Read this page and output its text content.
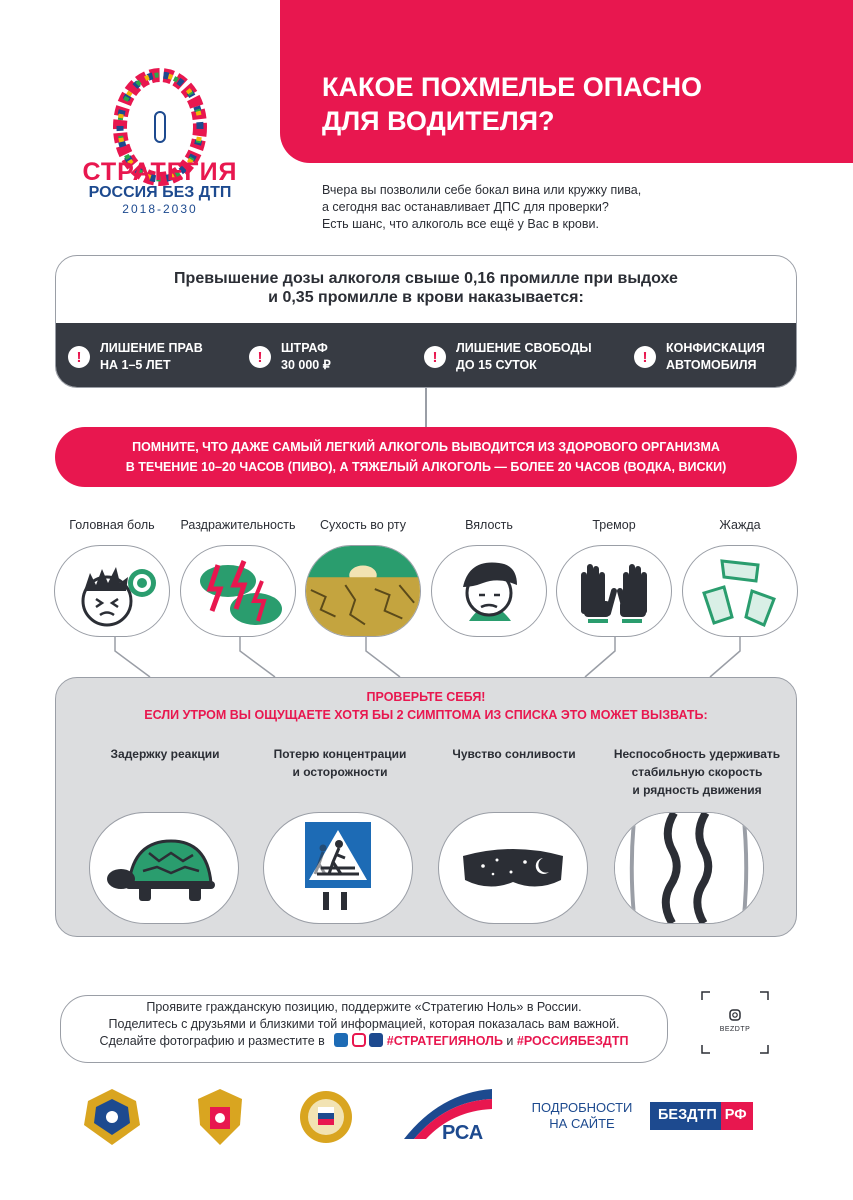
КАКОЕ ПОХМЕЛЬЕ ОПАСНО
ДЛЯ ВОДИТЕЛЯ?
СТРАТЕГИЯ
РОССИЯ БЕЗ ДТП
2018-2030
Вчера вы позволили себе бокал вина или кружку пива,
а сегодня вас останавливает ДПС для проверки?
Есть шанс, что алкоголь все ещё у Вас в крови.
Превышение дозы алкоголя свыше 0,16 промилле при выдохе
и 0,35 промилле в крови наказывается:
!
ЛИШЕНИЕ ПРАВ
НА 1–5 ЛЕТ	!
ШТРАФ
30 000 ₽	!
ЛИШЕНИЕ СВОБОДЫ
ДО 15 СУТОК	!
КОНФИСКАЦИЯ
АВТОМОБИЛЯ
ПОМНИТЕ, ЧТО ДАЖЕ САМЫЙ ЛЕГКИЙ АЛКОГОЛЬ ВЫВОДИТСЯ ИЗ ЗДОРОВОГО ОРГАНИЗМА
В ТЕЧЕНИЕ 10–20 ЧАСОВ (ПИВО), А ТЯЖЕЛЫЙ АЛКОГОЛЬ — БОЛЕЕ 20 ЧАСОВ (ВОДКА, ВИСКИ)
Головная боль	Раздражительность	Сухость во рту	Вялость	Тремор	Жажда
ПРОВЕРЬТЕ СЕБЯ!
ЕСЛИ УТРОМ ВЫ ОЩУЩАЕТЕ ХОТЯ БЫ 2 СИМПТОМА ИЗ СПИСКА ЭТО МОЖЕТ ВЫЗВАТЬ:
Задержку реакции	Потерю концентрации
и осторожности
Чувство сонливости	Неспособность удерживать
стабильную скорость
и рядность движения
Проявите гражданскую позицию, поддержите «Стратегию Ноль» в России.
Поделитесь с друзьями и близкими той информацией, которая показалась вам важной.
Сделайте фотографию и разместите в	#СТРАТЕГИЯНОЛЬ и #РОССИЯБЕЗДТП
BEZDTP
РСА
ПОДРОБНОСТИ
НА САЙТЕ
БЕЗДТП РФ
